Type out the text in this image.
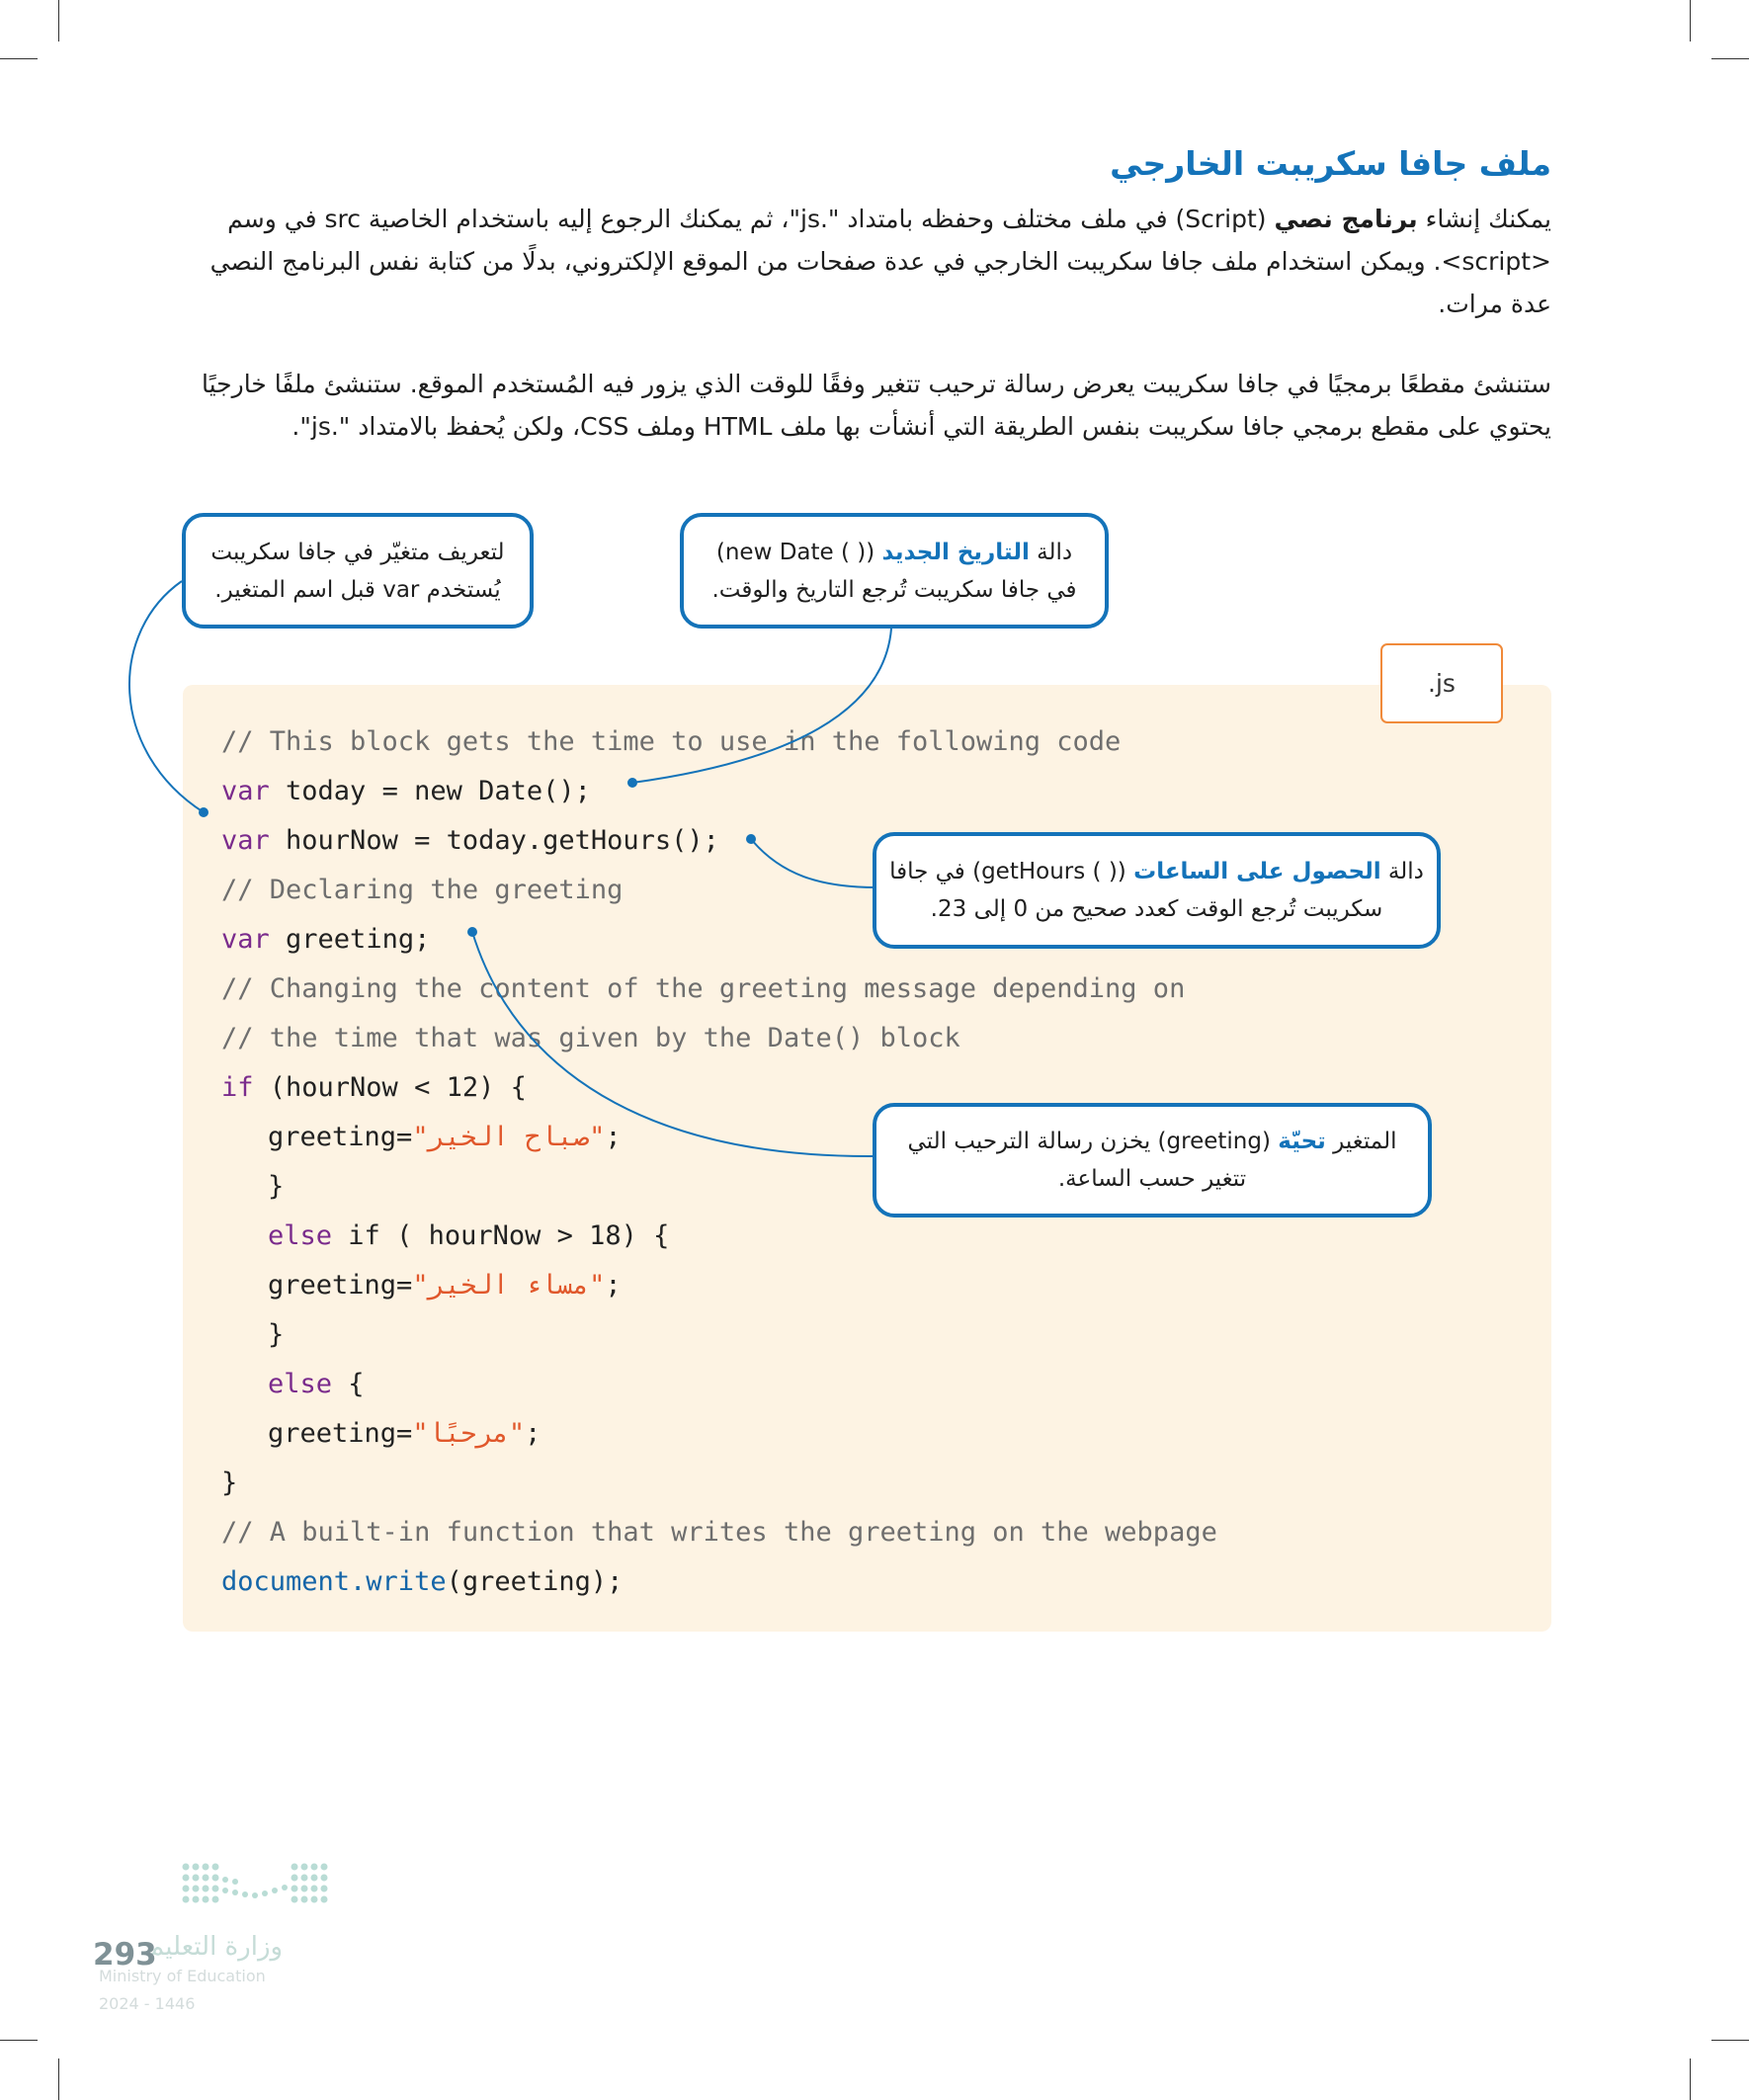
ملف جافا سكريبت الخارجي

يمكنك إنشاء برنامج نصي (Script) في ملف مختلف وحفظه بامتداد ".js"، ثم يمكنك الرجوع إليه باستخدام الخاصية src في وسم
<script>. ويمكن استخدام ملف جافا سكريبت الخارجي في عدة صفحات من الموقع الإلكتروني، بدلًا من كتابة نفس البرنامج النصي
عدة مرات.

ستنشئ مقطعًا برمجيًا في جافا سكريبت يعرض رسالة ترحيب تتغير وفقًا للوقت الذي يزور فيه المُستخدم الموقع. ستنشئ ملفًا خارجيًا
يحتوي على مقطع برمجي جافا سكريبت بنفس الطريقة التي أنشأت بها ملف HTML وملف CSS، ولكن يُحفظ بالامتداد ".js".

.js
// This block gets the time to use in the following code
var today = new Date();
var hourNow = today.getHours();
// Declaring the greeting
var greeting;
// Changing the content of the greeting message depending on
// the time that was given by the Date() block
if (hourNow < 12) {
greeting="صباح الخير";
}
else if ( hourNow > 18) {
greeting="مساء الخير";
}
else {
greeting="مرحبًا";
}
// A built-in function that writes the greeting on the webpage
document.write(greeting);
لتعريف متغيّر في جافا سكريبت
يُستخدم var قبل اسم المتغير.
دالة التاريخ الجديد (( ) new Date)
في جافا سكريبت تُرجع التاريخ والوقت.
دالة الحصول على الساعات (( ) getHours) في جافا
سكريبت تُرجع الوقت كعدد صحيح من 0 إلى 23.
المتغير تحيّة (greeting) يخزن رسالة الترحيب التي
تتغير حسب الساعة.
وزارة التعليم
293
Ministry of Education
2024 - 1446
